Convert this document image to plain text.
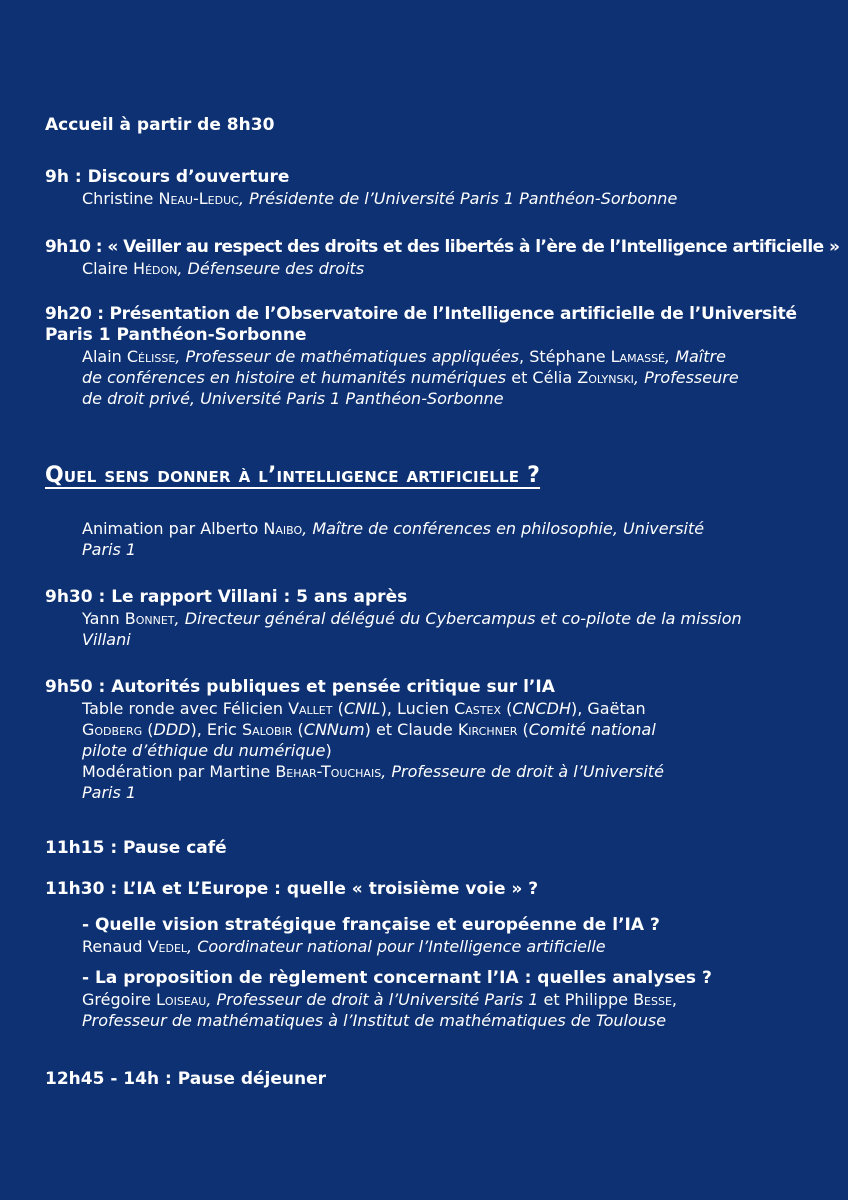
Accueil à partir de 8h30
9h : Discours d’ouverture
Christine Neau-Leduc, Présidente de l’Université Paris 1 Panthéon-Sorbonne
9h10 : « Veiller au respect des droits et des libertés à l’ère de l’Intelligence artificielle »
Claire Hédon, Défenseure des droits
9h20 : Présentation de l’Observatoire de l’Intelligence artificielle de l’Université
Paris 1 Panthéon-Sorbonne
Alain Célisse, Professeur de mathématiques appliquées, Stéphane Lamassé, Maître
de conférences en histoire et humanités numériques et Célia Zolynski, Professeure
de droit privé, Université Paris 1 Panthéon-Sorbonne
Quel sens donner à l’intelligence artificielle ?
Animation par Alberto Naibo, Maître de conférences en philosophie, Université
Paris 1
9h30 : Le rapport Villani : 5 ans après
Yann Bonnet, Directeur général délégué du Cybercampus et co-pilote de la mission
Villani
9h50 : Autorités publiques et pensée critique sur l’IA
Table ronde avec Félicien Vallet (CNIL), Lucien Castex (CNCDH), Gaëtan
Godberg (DDD), Eric Salobir (CNNum) et Claude Kirchner (Comité national
pilote d’éthique du numérique)
Modération par Martine Behar-Touchais, Professeure de droit à l’Université
Paris 1
11h15 : Pause café
11h30 : L’IA et L’Europe : quelle « troisième voie » ?
- Quelle vision stratégique française et européenne de l’IA ?
Renaud Vedel, Coordinateur national pour l’Intelligence artificielle
- La proposition de règlement concernant l’IA : quelles analyses ?
Grégoire Loiseau, Professeur de droit à l’Université Paris 1 et Philippe Besse,
Professeur de mathématiques à l’Institut de mathématiques de Toulouse
12h45 - 14h : Pause déjeuner
